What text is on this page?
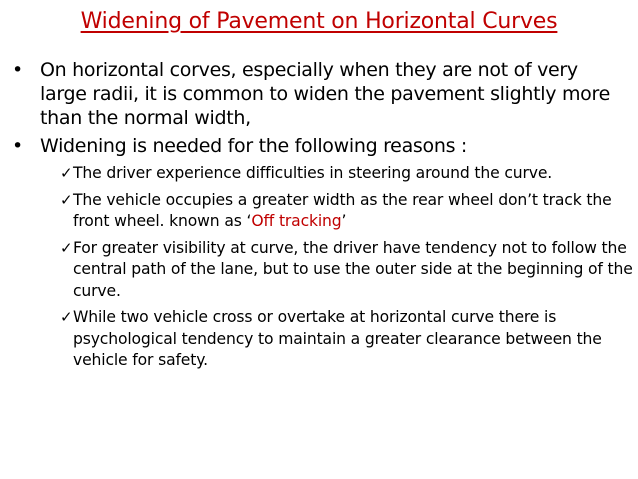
Widening of Pavement on Horizontal Curves
• On horizontal corves, especially when they are not of very large radii, it is common to widen the pavement slightly more than the normal width,
• Widening is needed for the following reasons :
✓ The driver experience difficulties in steering around the curve.
✓ The vehicle occupies a greater width as the rear wheel don’t track the front wheel. known as ‘Off tracking’
✓ For greater visibility at curve, the driver have tendency not to follow the central path of the lane, but to use the outer side at the beginning of the curve.
✓ While two vehicle cross or overtake at horizontal curve there is psychological tendency to maintain a greater clearance between the vehicle for safety.
